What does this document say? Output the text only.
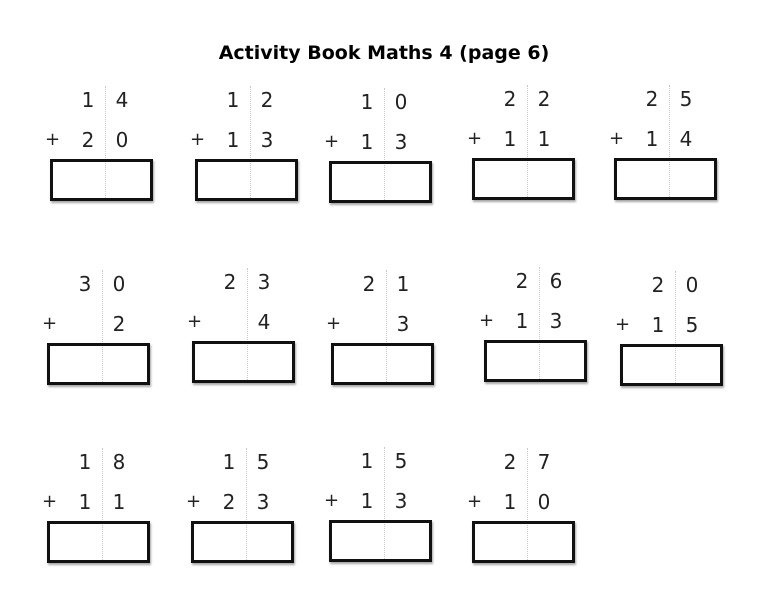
Activity Book Maths 4 (page 6)
1 4
+ 2 0
1 2
+ 1 3
1 0
+ 1 3
2 2
+ 1 1
2 5
+ 1 4
3 0
+	2
2 3
+	4
2 1
+	3
2 6
+ 1 3
2 0
+ 1 5
1 8
+ 1 1
1 5
+ 2 3
1 5
+ 1 3
2 7
+ 1 0
